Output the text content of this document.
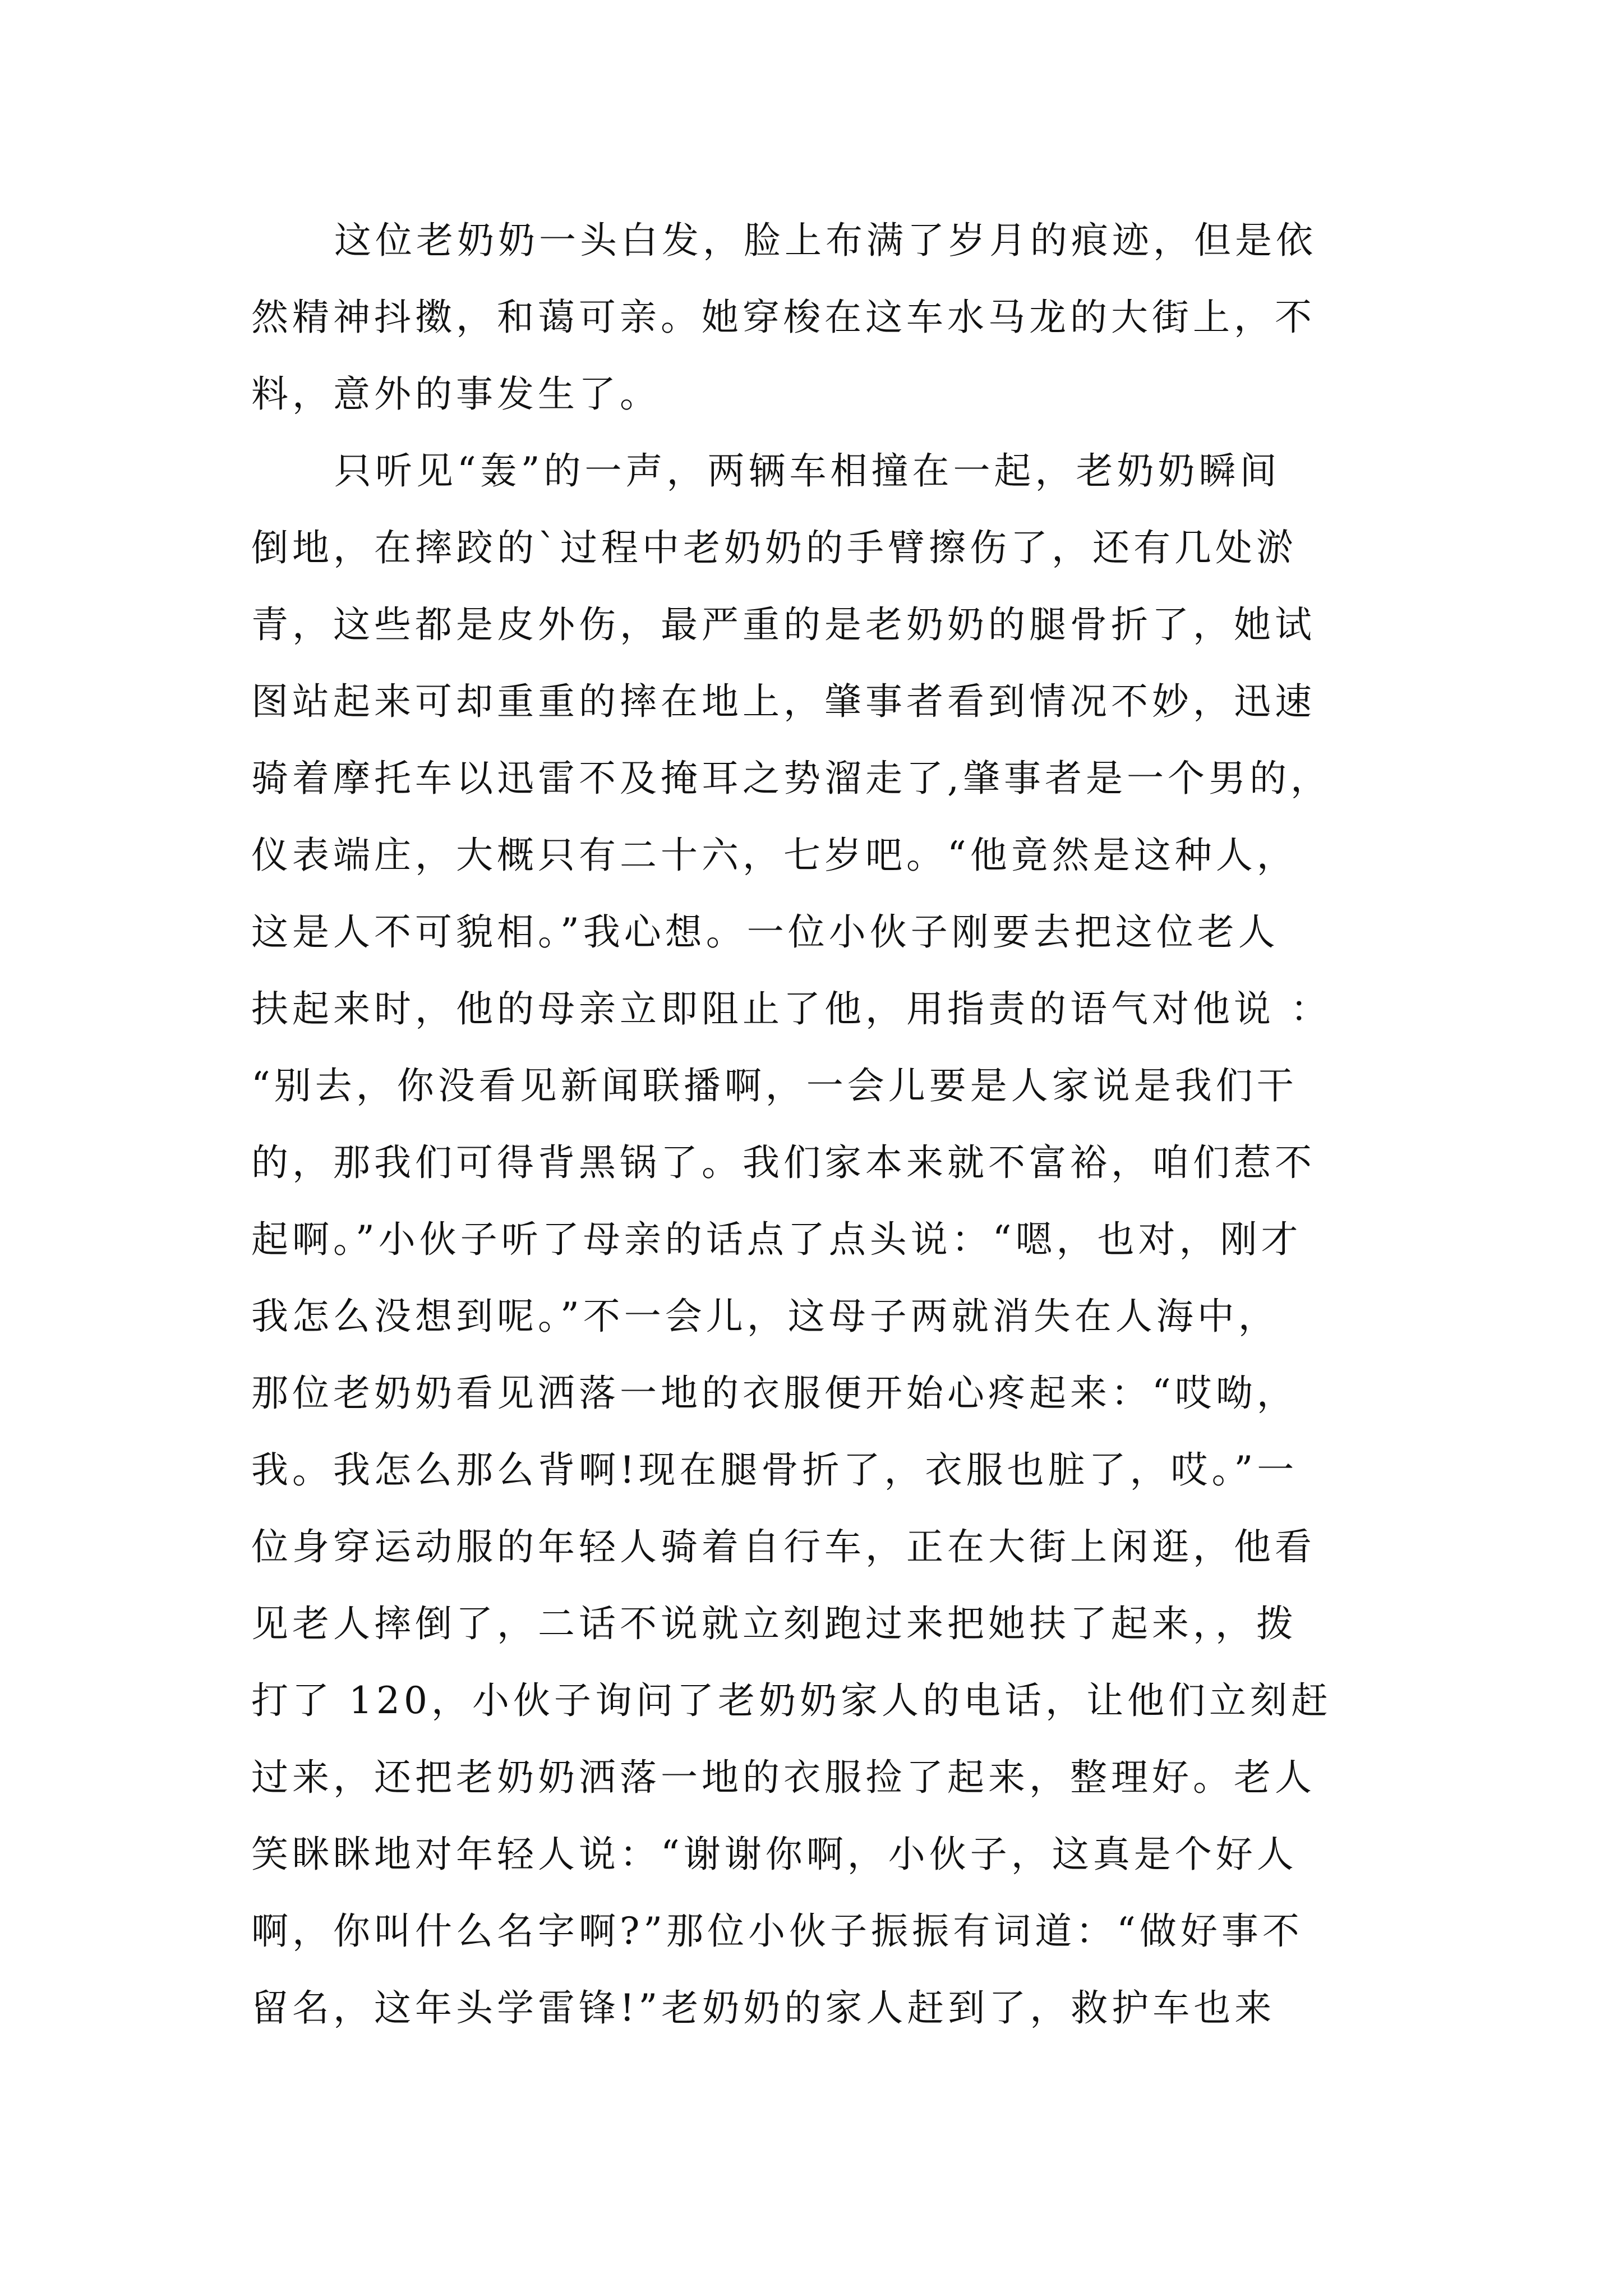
这位老奶奶一头白发，脸上布满了岁月的痕迹，但是依
然精神抖擞，和蔼可亲。她穿梭在这车水马龙的大街上，不
料，意外的事发生了。
只听见“轰”的一声，两辆车相撞在一起，老奶奶瞬间
倒地，在摔跤的`过程中老奶奶的手臂擦伤了，还有几处淤
青，这些都是皮外伤，最严重的是老奶奶的腿骨折了，她试
图站起来可却重重的摔在地上，肇事者看到情况不妙，迅速
骑着摩托车以迅雷不及掩耳之势溜走了,肇事者是一个男的，
仪表端庄，大概只有二十六，七岁吧。“他竟然是这种人，
这是人不可貌相。”我心想。一位小伙子刚要去把这位老人
扶起来时，他的母亲立即阻止了他，用指责的语气对他说 ：
“别去，你没看见新闻联播啊，一会儿要是人家说是我们干
的，那我们可得背黑锅了。我们家本来就不富裕，咱们惹不
起啊。”小伙子听了母亲的话点了点头说：“嗯，也对，刚才
我怎么没想到呢。”不一会儿，这母子两就消失在人海中，
那位老奶奶看见洒落一地的衣服便开始心疼起来：“哎呦，
我。我怎么那么背啊!现在腿骨折了，衣服也脏了，哎。”一
位身穿运动服的年轻人骑着自行车，正在大街上闲逛，他看
见老人摔倒了，二话不说就立刻跑过来把她扶了起来，，拨
打了 120，小伙子询问了老奶奶家人的电话，让他们立刻赶
过来，还把老奶奶洒落一地的衣服捡了起来，整理好。老人
笑眯眯地对年轻人说：“谢谢你啊，小伙子，这真是个好人
啊，你叫什么名字啊?”那位小伙子振振有词道：“做好事不
留名，这年头学雷锋!”老奶奶的家人赶到了，救护车也来
